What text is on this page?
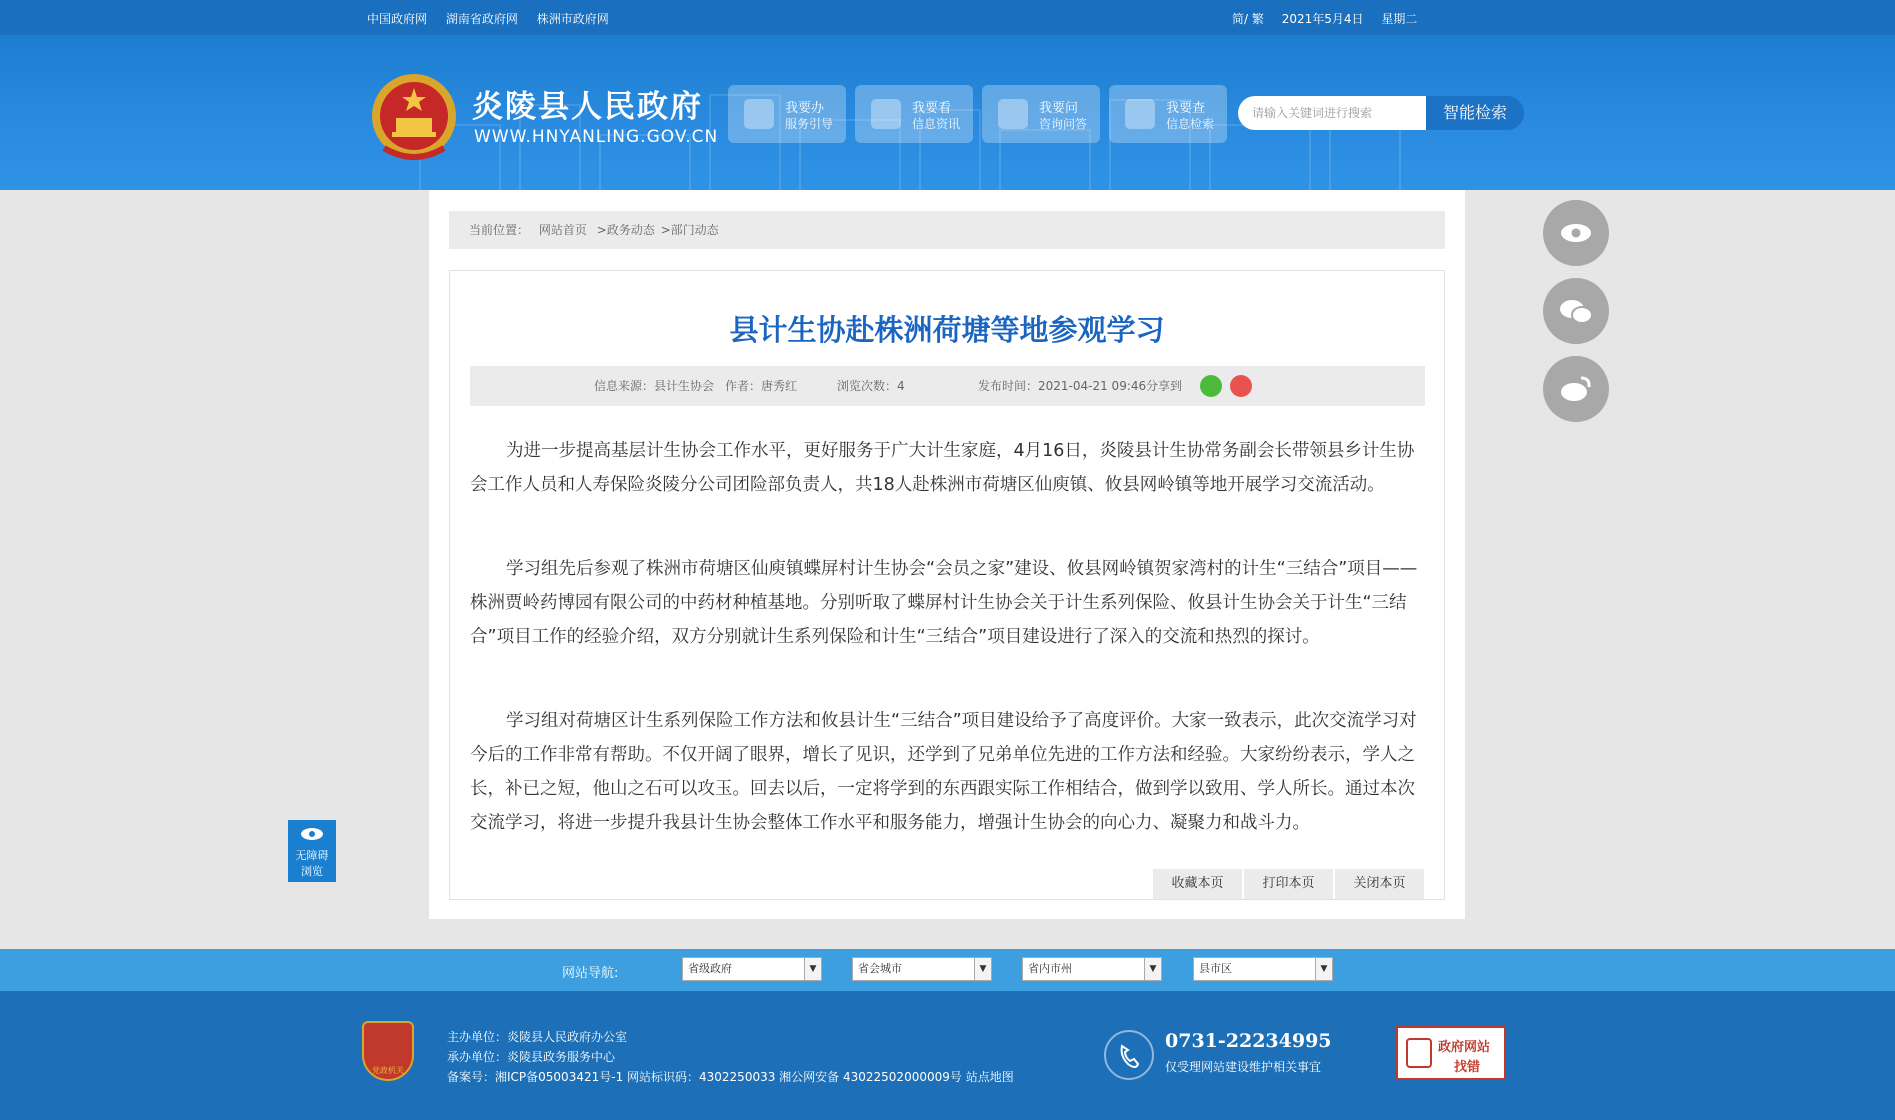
中国政府网 湖南省政府网 株洲市政府网	简/ 繁 2021年5月4日 星期二
炎陵县人民政府
WWW.HNYANLING.GOV.CN
我要办
服务引导
我要看
信息资讯
我要问
咨询问答
我要查
信息检索
请输入关键词进行搜索	智能检索
当前位置： 网站首页 >政务动态 >部门动态
县计生协赴株洲荷塘等地参观学习
信息来源：县计生协会 作者：唐秀红	浏览次数：4	发布时间：2021-04-21 09:46 分享到

为进一步提高基层计生协会工作水平，更好服务于广大计生家庭，4月16日，炎陵县计生协常务副会长带领县乡计生协会工作人员和人寿保险炎陵分公司团险部负责人，共18人赴株洲市荷塘区仙庾镇、攸县网岭镇等地开展学习交流活动。

学习组先后参观了株洲市荷塘区仙庾镇蝶屏村计生协会“会员之家”建设、攸县网岭镇贺家湾村的计生“三结合”项目——株洲贾岭药博园有限公司的中药材种植基地。分别听取了蝶屏村计生协会关于计生系列保险、攸县计生协会关于计生“三结合”项目工作的经验介绍，双方分别就计生系列保险和计生“三结合”项目建设进行了深入的交流和热烈的探讨。

学习组对荷塘区计生系列保险工作方法和攸县计生“三结合”项目建设给予了高度评价。大家一致表示，此次交流学习对今后的工作非常有帮助。不仅开阔了眼界，增长了见识，还学到了兄弟单位先进的工作方法和经验。大家纷纷表示，学人之长，补已之短，他山之石可以攻玉。回去以后，一定将学到的东西跟实际工作相结合，做到学以致用、学人所长。通过本次交流学习，将进一步提升我县计生协会整体工作水平和服务能力，增强计生协会的向心力、凝聚力和战斗力。

收藏本页	打印本页	关闭本页
无障碍
浏览
网站导航:	省级政府	▼	省会城市	▼	省内市州	▼	县市区	▼
党政机关
主办单位：炎陵县人民政府办公室
承办单位：炎陵县政务服务中心
备案号：湘ICP备05003421号-1 网站标识码：4302250033 湘公网安备 43022502000009号 站点地图
0731-22234995
仅受理网站建设维护相关事宜
政府网站
找错
